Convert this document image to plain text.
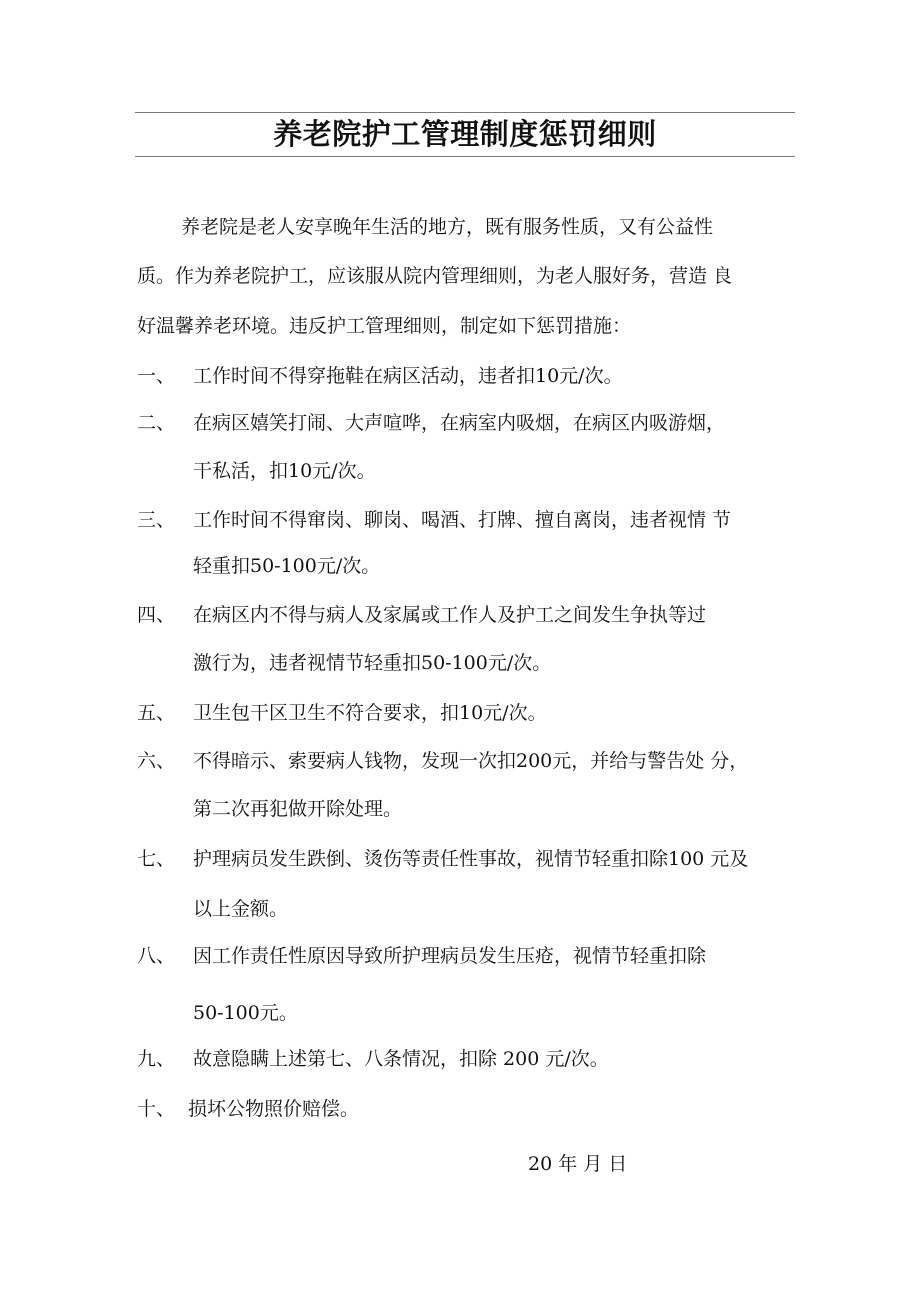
养老院护工管理制度惩罚细则
养老院是老人安享晚年生活的地方，既有服务性质，又有公益性
质。作为养老院护工，应该服从院内管理细则，为老人服好务，营造 良
好温馨养老环境。违反护工管理细则，制定如下惩罚措施：
一、 工作时间不得穿拖鞋在病区活动，违者扣10元/次。
二、 在病区嬉笑打闹、大声喧哗，在病室内吸烟，在病区内吸游烟，
干私活，扣10元/次。
三、 工作时间不得窜岗、聊岗、喝酒、打牌、擅自离岗，违者视情 节
轻重扣50-100元/次。
四、 在病区内不得与病人及家属或工作人及护工之间发生争执等过
激行为，违者视情节轻重扣50-100元/次。
五、 卫生包干区卫生不符合要求，扣10元/次。
六、 不得暗示、索要病人钱物，发现一次扣200元，并给与警告处 分，
第二次再犯做开除处理。
七、 护理病员发生跌倒、烫伤等责任性事故，视情节轻重扣除100 元及
以上金额。
八、 因工作责任性原因导致所护理病员发生压疮，视情节轻重扣除
50-100元。
九、 故意隐瞒上述第七、八条情况，扣除 200 元/次。
十、 损坏公物照价赔偿。
20 年 月 日
